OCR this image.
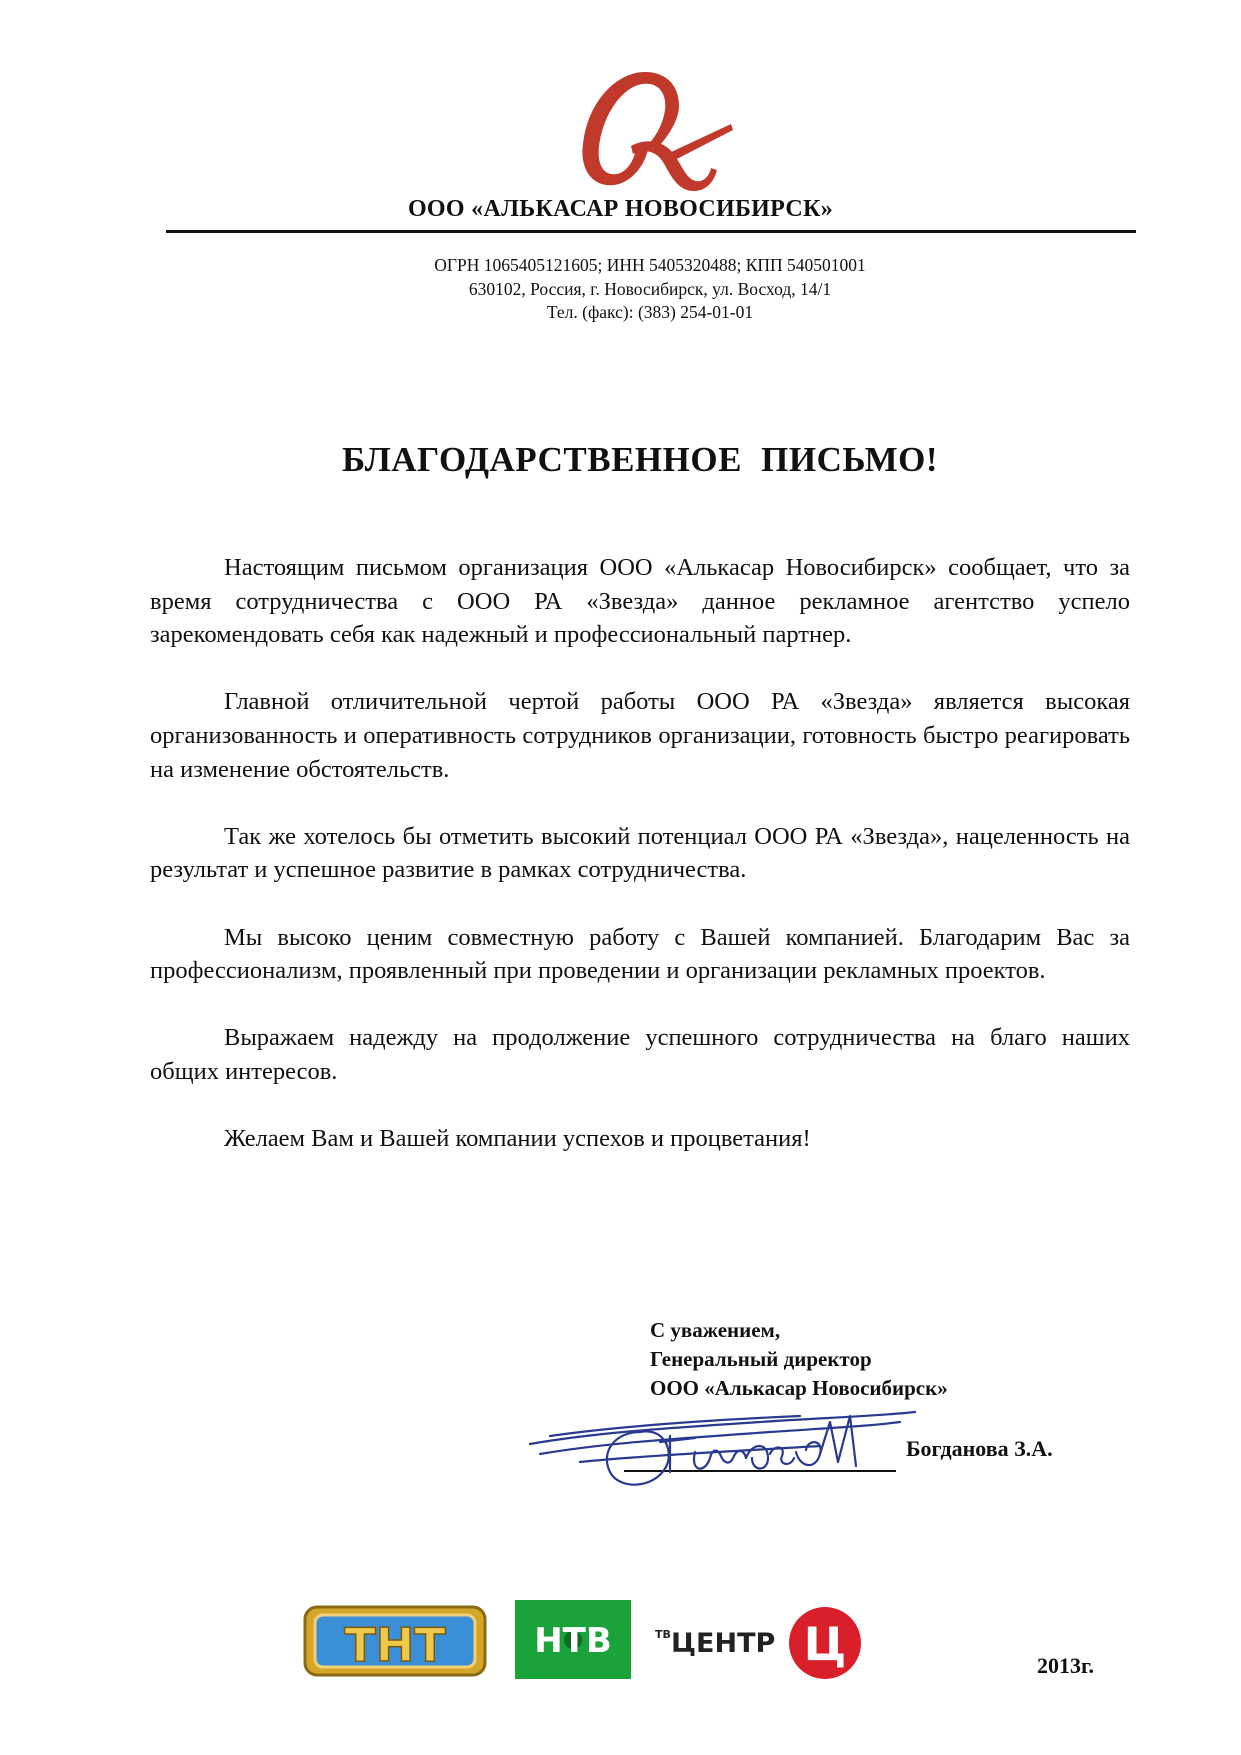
ООО «АЛЬКАСАР НОВОСИБИРСК»
ОГРН 1065405121605; ИНН 5405320488; КПП 540501001
630102, Россия, г. Новосибирск, ул. Восход, 14/1
Тел. (факс): (383) 254-01-01
БЛАГОДАРСТВЕННОЕ ПИСЬМО!

Настоящим письмом организация ООО «Алькасар Новосибирск» сообщает, что за время сотрудничества с ООО РА «Звезда» данное рекламное агентство успело зарекомендовать себя как надежный и профессиональный партнер.

Главной отличительной чертой работы ООО РА «Звезда» является высокая организованность и оперативность сотрудников организации, готовность быстро реагировать на изменение обстоятельств.

Так же хотелось бы отметить высокий потенциал ООО РА «Звезда», нацеленность на результат и успешное развитие в рамках сотрудничества.

Мы высоко ценим совместную работу с Вашей компанией. Благодарим Вас за профессионализм, проявленный при проведении и организации рекламных проектов.

Выражаем надежду на продолжение успешного сотрудничества на благо наших общих интересов.

Желаем Вам и Вашей компании успехов и процветания!

С уважением,
Генеральный директор
ООО «Алькасар Новосибирск»
Богданова З.А.
ТНТ	НТВ	ТВ ЦЕНТР Ц	2013г.
